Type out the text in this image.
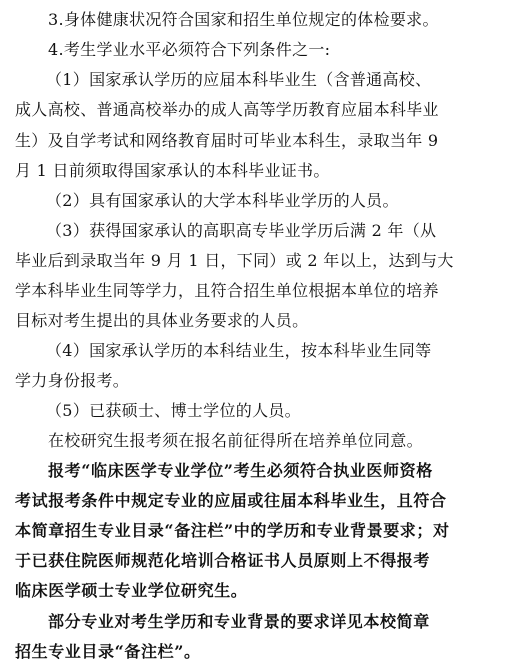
3.身体健康状况符合国家和招生单位规定的体检要求。
4.考生学业水平必须符合下列条件之一:
（1）国家承认学历的应届本科毕业生（含普通高校、
成人高校、普通高校举办的成人高等学历教育应届本科毕业
生）及自学考试和网络教育届时可毕业本科生，录取当年 9
月 1 日前须取得国家承认的本科毕业证书。
（2）具有国家承认的大学本科毕业学历的人员。
（3）获得国家承认的高职高专毕业学历后满 2 年（从
毕业后到录取当年 9 月 1 日，下同）或 2 年以上，达到与大
学本科毕业生同等学力，且符合招生单位根据本单位的培养
目标对考生提出的具体业务要求的人员。
（4）国家承认学历的本科结业生，按本科毕业生同等
学力身份报考。
（5）已获硕士、博士学位的人员。
在校研究生报考须在报名前征得所在培养单位同意。
报考“临床医学专业学位”考生必须符合执业医师资格
考试报考条件中规定专业的应届或往届本科毕业生，且符合
本简章招生专业目录“备注栏”中的学历和专业背景要求；对
于已获住院医师规范化培训合格证书人员原则上不得报考
临床医学硕士专业学位研究生。
部分专业对考生学历和专业背景的要求详见本校简章
招生专业目录“备注栏”。
